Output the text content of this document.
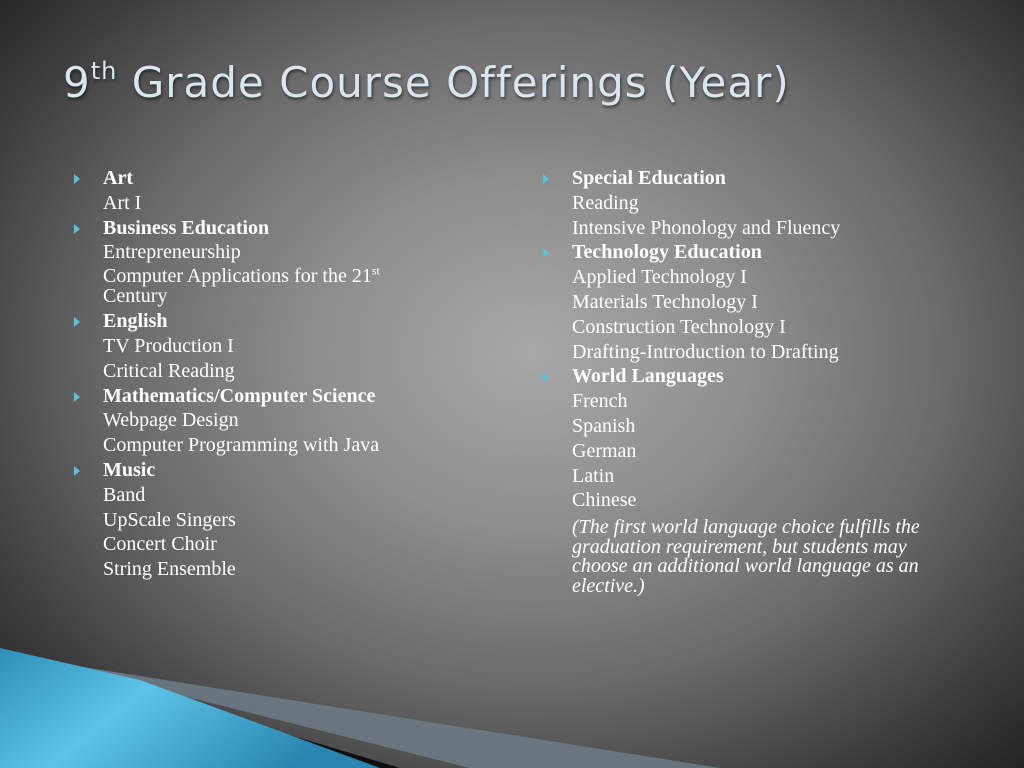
9th Grade Course Offerings (Year)
Art
Art I
Business Education
Entrepreneurship
Computer Applications for the 21st
Century
English
TV Production I
Critical Reading
Mathematics/Computer Science
Webpage Design
Computer Programming with Java
Music
Band
UpScale Singers
Concert Choir
String Ensemble
Special Education
Reading
Intensive Phonology and Fluency
Technology Education
Applied Technology I
Materials Technology I
Construction Technology I
Drafting-Introduction to Drafting
World Languages
French
Spanish
German
Latin
Chinese
(The first world language choice fulfills the graduation requirement, but students may choose an additional world language as an elective.)
